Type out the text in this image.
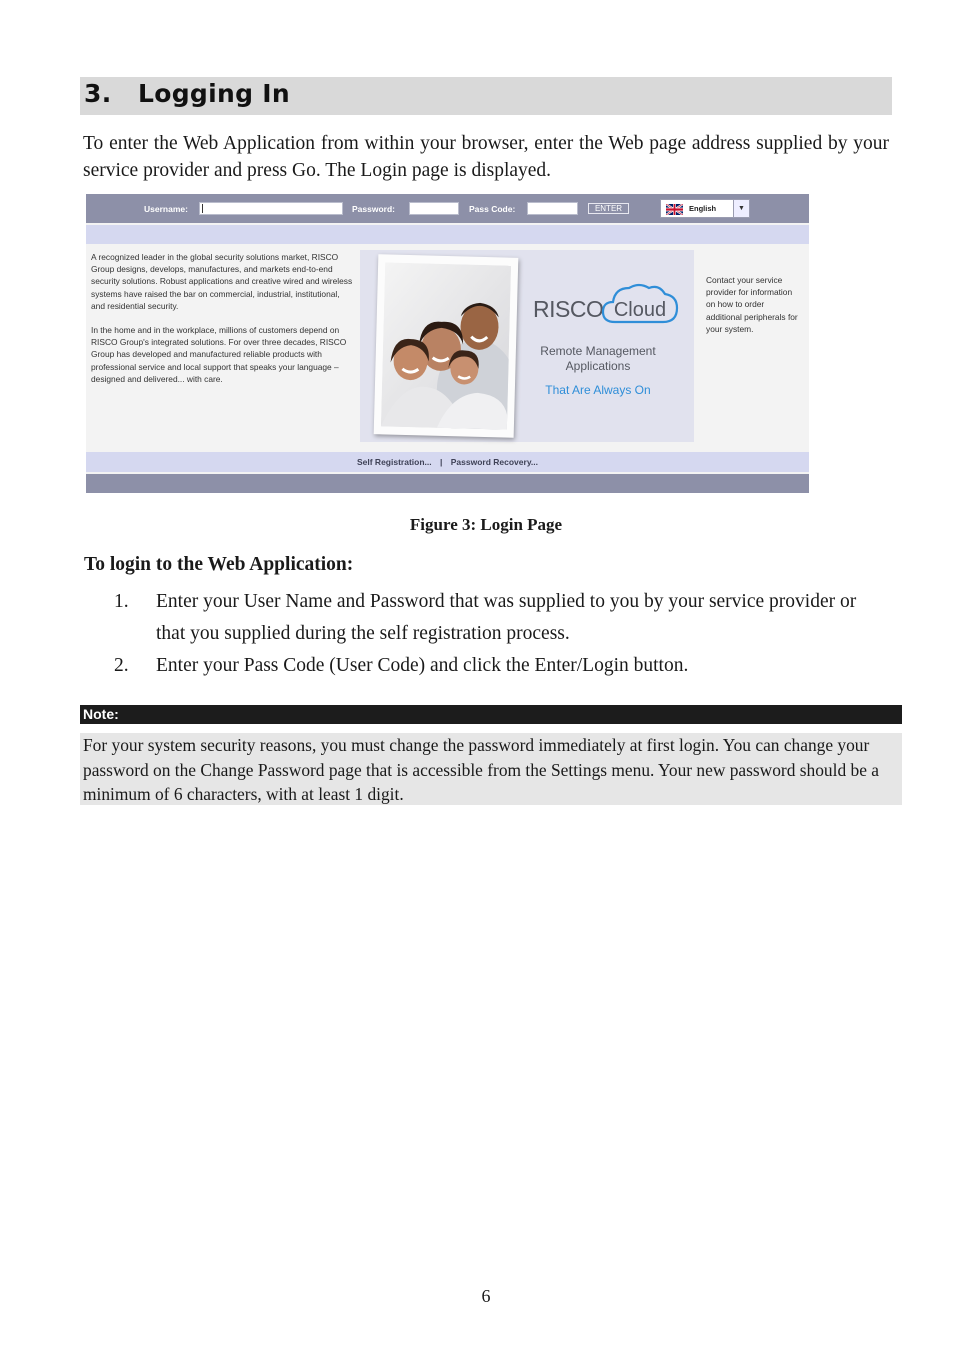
3. Logging In
To enter the Web Application from within your browser, enter the Web page address supplied by your service provider and press Go. The Login page is displayed.
Username:	Password:	Pass Code:	ENTER	English	▼

A recognized leader in the global security solutions market, RISCO Group designs, develops, manufactures, and markets end-to-end security solutions. Robust applications and creative wired and wireless systems have raised the bar on commercial, industrial, institutional, and residential security.

In the home and in the workplace, millions of customers depend on RISCO Group's integrated solutions. For over three decades, RISCO Group has developed and manufactured reliable products with professional service and local support that speaks your language – designed and delivered... with care.

RISCO Cloud
Remote Management
Applications
That Are Always On
Contact your service provider for information on how to order additional peripherals for your system.
Self Registration... | Password Recovery...
Figure 3: Login Page
To login to the Web Application:
1. Enter your User Name and Password that was supplied to you by your service provider or that you supplied during the self registration process.
2. Enter your Pass Code (User Code) and click the Enter/Login button.
Note:
For your system security reasons, you must change the password immediately at first login. You can change your password on the Change Password page that is accessible from the Settings menu. Your new password should be a minimum of 6 characters, with at least 1 digit.
6
